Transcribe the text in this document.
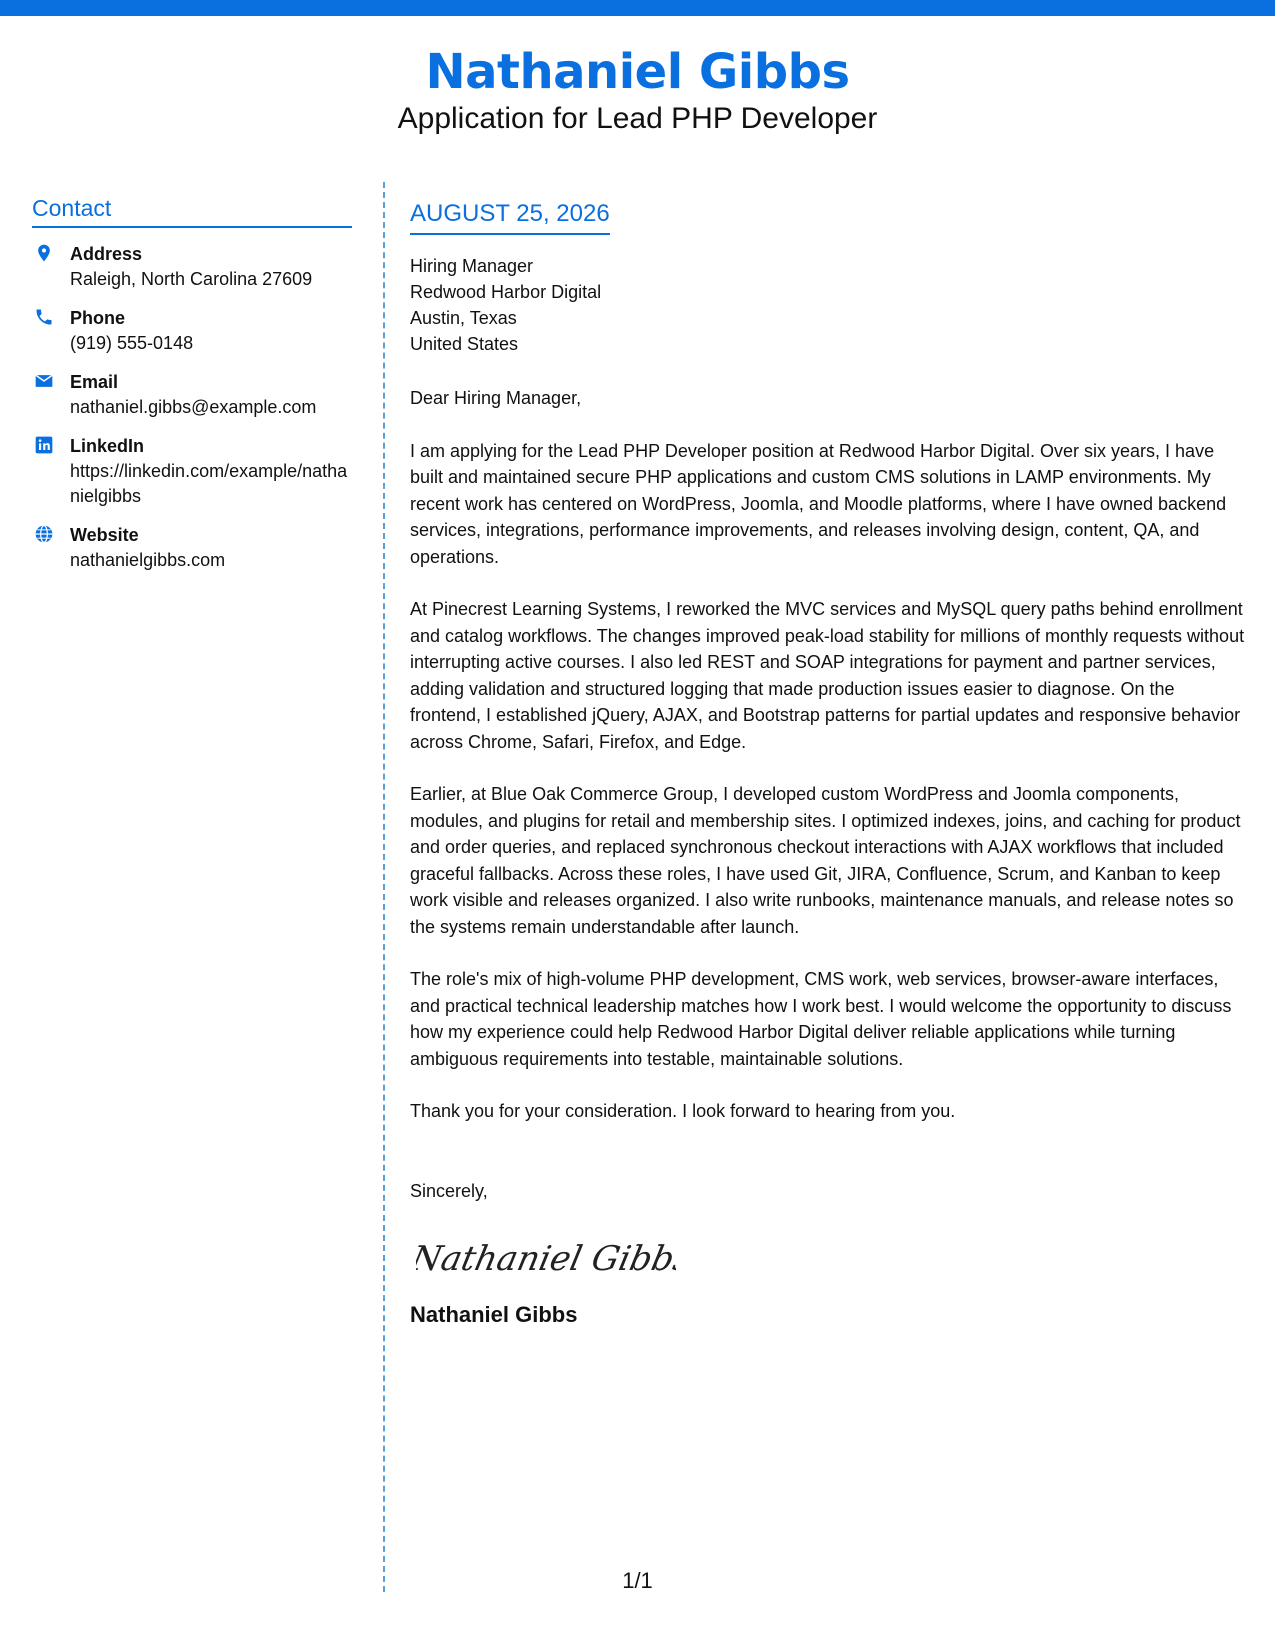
Nathaniel Gibbs
Application for Lead PHP Developer
Contact
Address
Raleigh, North Carolina 27609
Phone
(919) 555-0148
Email
nathaniel.gibbs@example.com
LinkedIn
https://linkedin.com/example/nathanielgibbs
Website
nathanielgibbs.com
AUGUST 25, 2026
Hiring Manager
Redwood Harbor Digital
Austin, Texas
United States
Dear Hiring Manager,
I am applying for the Lead PHP Developer position at Redwood Harbor Digital. Over six years, I have built and maintained secure PHP applications and custom CMS solutions in LAMP environments. My recent work has centered on WordPress, Joomla, and Moodle platforms, where I have owned backend services, integrations, performance improvements, and releases involving design, content, QA, and operations.
At Pinecrest Learning Systems, I reworked the MVC services and MySQL query paths behind enrollment and catalog workflows. The changes improved peak-load stability for millions of monthly requests without interrupting active courses. I also led REST and SOAP integrations for payment and partner services, adding validation and structured logging that made production issues easier to diagnose. On the frontend, I established jQuery, AJAX, and Bootstrap patterns for partial updates and responsive behavior across Chrome, Safari, Firefox, and Edge.
Earlier, at Blue Oak Commerce Group, I developed custom WordPress and Joomla components, modules, and plugins for retail and membership sites. I optimized indexes, joins, and caching for product and order queries, and replaced synchronous checkout interactions with AJAX workflows that included graceful fallbacks. Across these roles, I have used Git, JIRA, Confluence, Scrum, and Kanban to keep work visible and releases organized. I also write runbooks, maintenance manuals, and release notes so the systems remain understandable after launch.
The role's mix of high-volume PHP development, CMS work, web services, browser-aware interfaces, and practical technical leadership matches how I work best. I would welcome the opportunity to discuss how my experience could help Redwood Harbor Digital deliver reliable applications while turning ambiguous requirements into testable, maintainable solutions.
Thank you for your consideration. I look forward to hearing from you.
Sincerely,
Nathaniel Gibbs
Nathaniel Gibbs
1/1
